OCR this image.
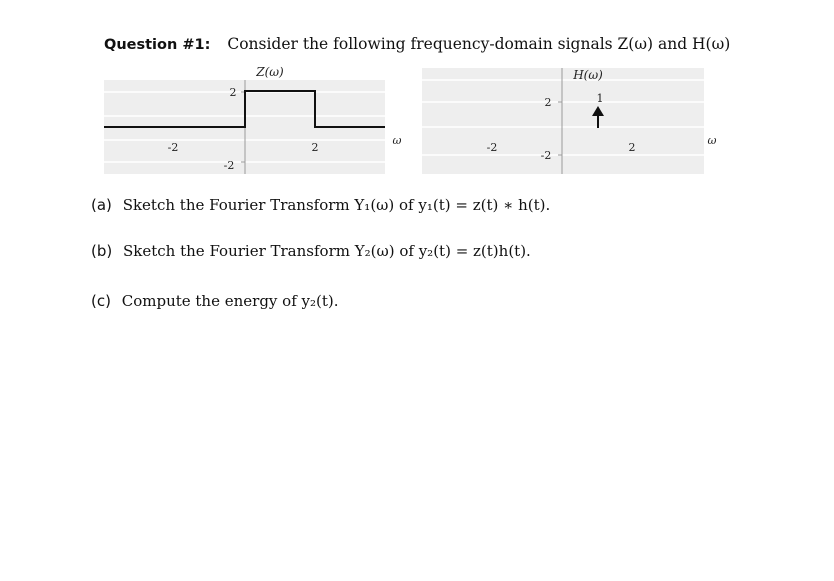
Question #1: Consider the following frequency-domain signals Z(ω) and H(ω)
2
-2
-2	2
Z(ω)
ω
2
-2
-2	2
1
H(ω)
ω
(a) Sketch the Fourier Transform Y₁(ω) of y₁(t) = z(t) ∗ h(t).
(b) Sketch the Fourier Transform Y₂(ω) of y₂(t) = z(t)h(t).
(c) Compute the energy of y₂(t).
